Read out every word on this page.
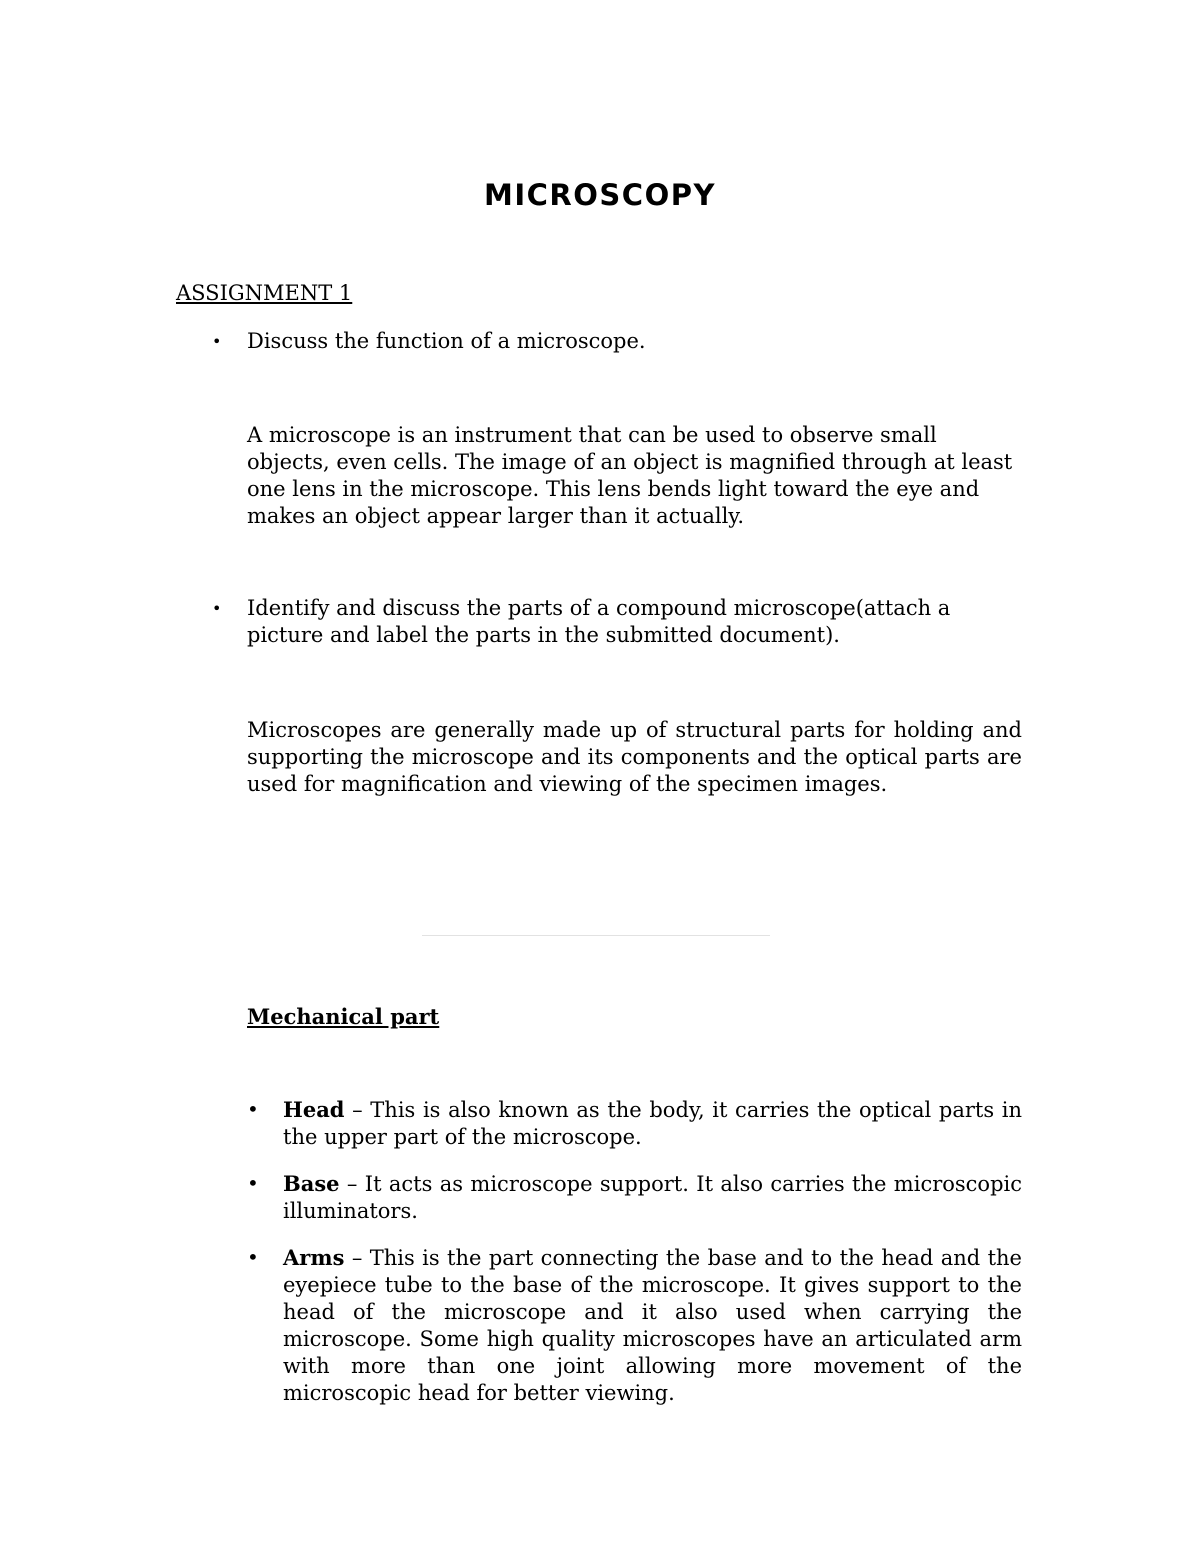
MICROSCOPY
ASSIGNMENT 1
• Discuss the function of a microscope.
A microscope is an instrument that can be used to observe small objects, even cells. The image of an object is magnified through at least one lens in the microscope. This lens bends light toward the eye and makes an object appear larger than it actually.
• Identify and discuss the parts of a compound microscope(attach a picture and label the parts in the submitted document).
Microscopes are generally made up of structural parts for holding and supporting the microscope and its components and the optical parts are used for magnification and viewing of the specimen images.
Mechanical part
• Head – This is also known as the body, it carries the optical parts in the upper part of the microscope.
• Base – It acts as microscope support. It also carries the microscopic illuminators.
• Arms – This is the part connecting the base and to the head and the eyepiece tube to the base of the microscope. It gives support to the head of the microscope and it also used when carrying the microscope. Some high quality microscopes have an articulated arm with more than one joint allowing more movement of the microscopic head for better viewing.
